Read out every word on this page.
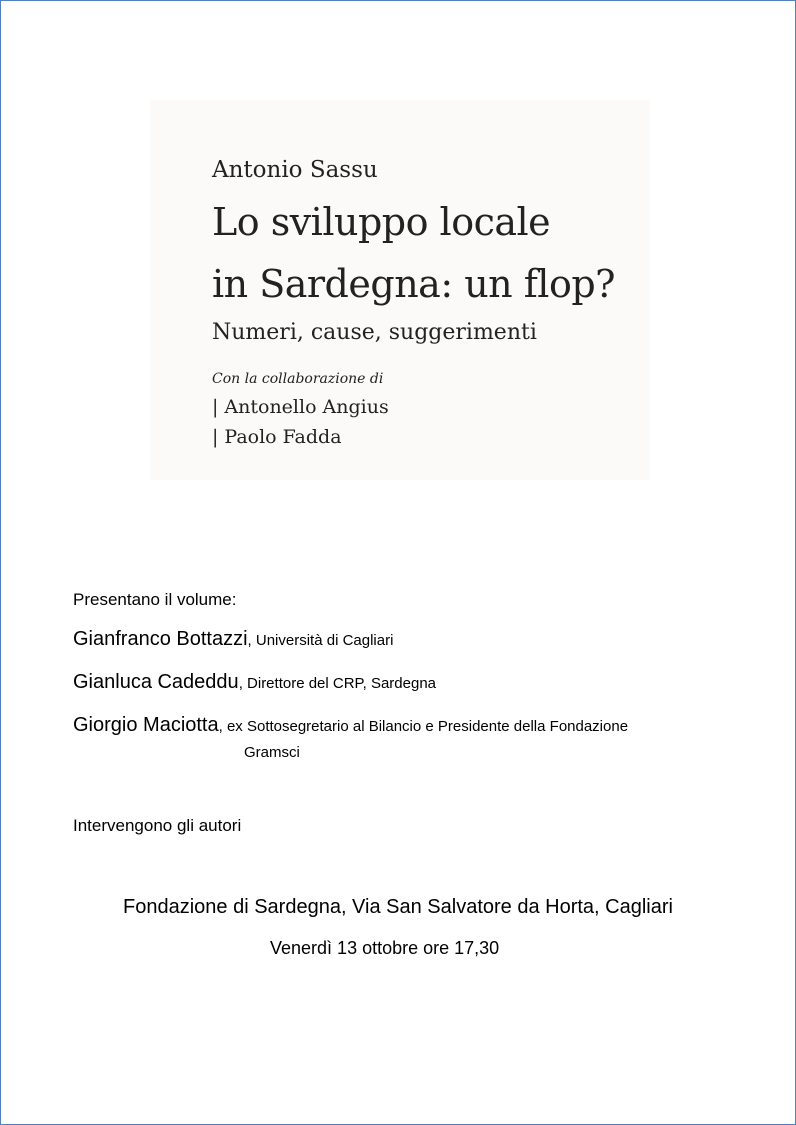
Antonio Sassu
Lo sviluppo locale
in Sardegna: un flop?
Numeri, cause, suggerimenti
Con la collaborazione di
| Antonello Angius
| Paolo Fadda
Presentano il volume:
Gianfranco Bottazzi, Università di Cagliari
Gianluca Cadeddu, Direttore del CRP, Sardegna
Giorgio Maciotta, ex Sottosegretario al Bilancio e Presidente della Fondazione
Gramsci
Intervengono gli autori
Fondazione di Sardegna, Via San Salvatore da Horta, Cagliari
Venerdì 13 ottobre ore 17,30
